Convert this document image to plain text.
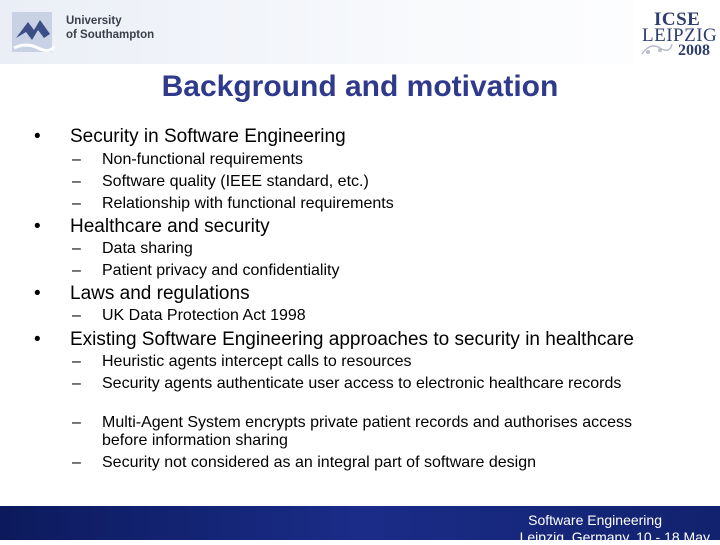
University
of Southampton
ICSE
LEIPZIG
2008
Background and motivation
• Security in Software Engineering
– Non-functional requirements
– Software quality (IEEE standard, etc.)
– Relationship with functional requirements
• Healthcare and security
– Data sharing
– Patient privacy and confidentiality
• Laws and regulations
– UK Data Protection Act 1998
• Existing Software Engineering approaches to security in healthcare
– Heuristic agents intercept calls to resources
– Security agents authenticate user access to electronic healthcare records
– Multi-Agent System encrypts private patient records and authorises access before information sharing
– Security not considered as an integral part of software design
Software Engineering
Leipzig, Germany, 10 - 18 May
